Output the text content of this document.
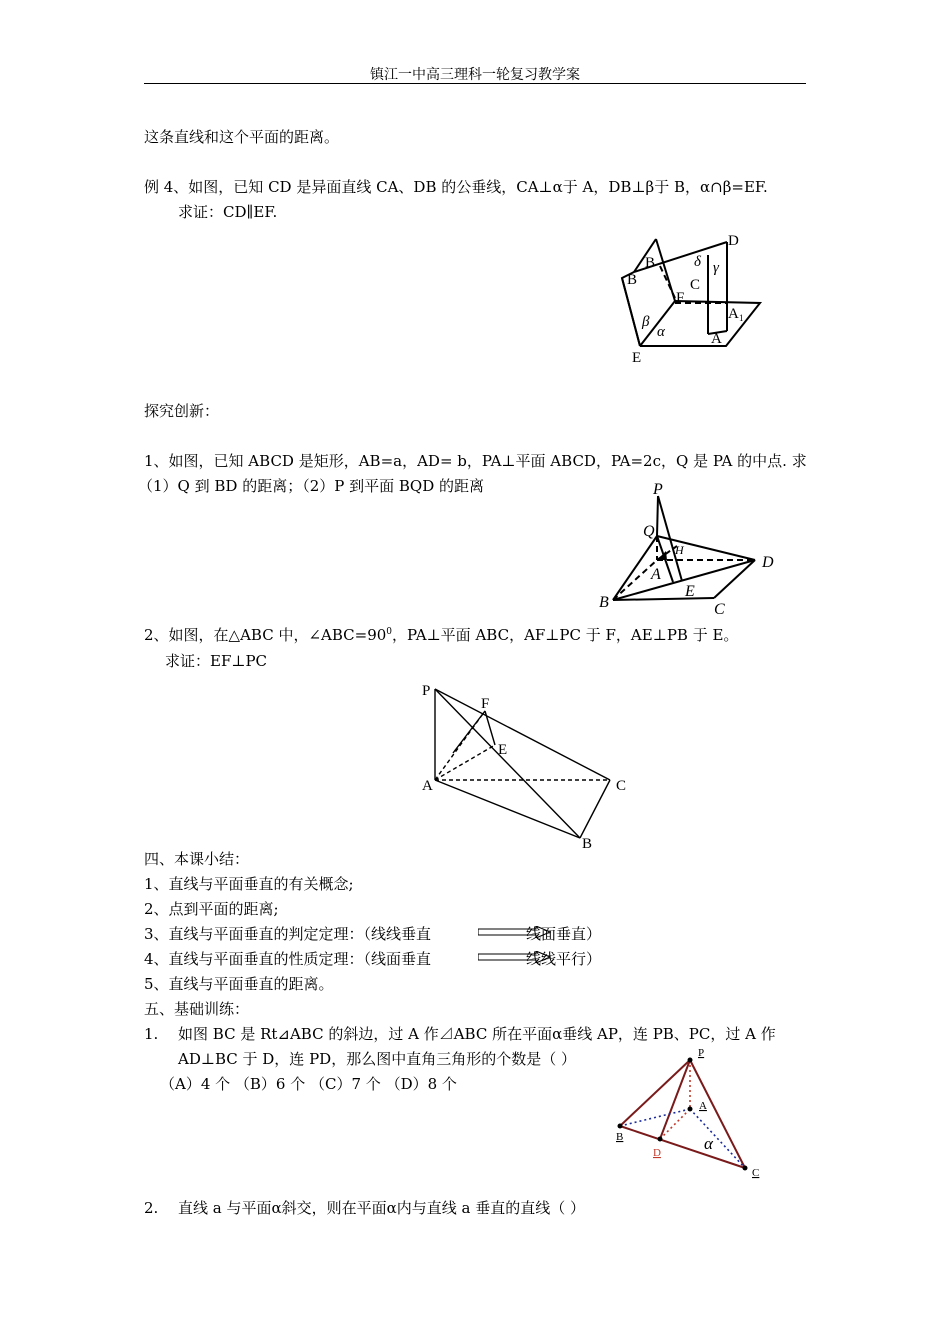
镇江一中高三理科一轮复习教学案
这条直线和这个平面的距离。
例 4、如图，已知 CD 是异面直线 CA、DB 的公垂线，CA⊥α于 A，DB⊥β于 B，α∩β=EF.
求证：CD∥EF.
D
B	δ γ
B	C
F
A 1
β
α	A
E
探究创新：
1、如图，已知 ABCD 是矩形，AB=a，AD= b，PA⊥平面 ABCD，PA=2c，Q 是 PA 的中点. 求
（1）Q 到 BD 的距离；（2）P 到平面 BQD 的距离	P
Q
H
D
A
E
B	C
2、如图，在△ABC 中，$\angle ABC=90^0$，PA⊥平面 ABC，AF⊥PC 于 F，AE⊥PB 于 E。
求证：EF⊥PC
P
F
E
A	C
B
四、本课小结：
1、直线与平面垂直的有关概念;
2、点到平面的距离;
3、直线与平面垂直的判定定理：（线线垂直	线面垂直）
4、直线与平面垂直的性质定理：（线面垂直	线线平行）
5、直线与平面垂直的距离。
五、基础训练：
1. 如图 BC 是 Rt⊿ABC 的斜边，过 A 作⊿ABC 所在平面α垂线 AP，连 PB、PC，过 A 作
AD⊥BC 于 D，连 PD，那么图中直角三角形的个数是（ ）
（A）4 个 （B）6 个 （C）7 个 （D）8 个
P
A
B
D	α
C
2. 直线 a 与平面α斜交，则在平面α内与直线 a 垂直的直线（ ）
